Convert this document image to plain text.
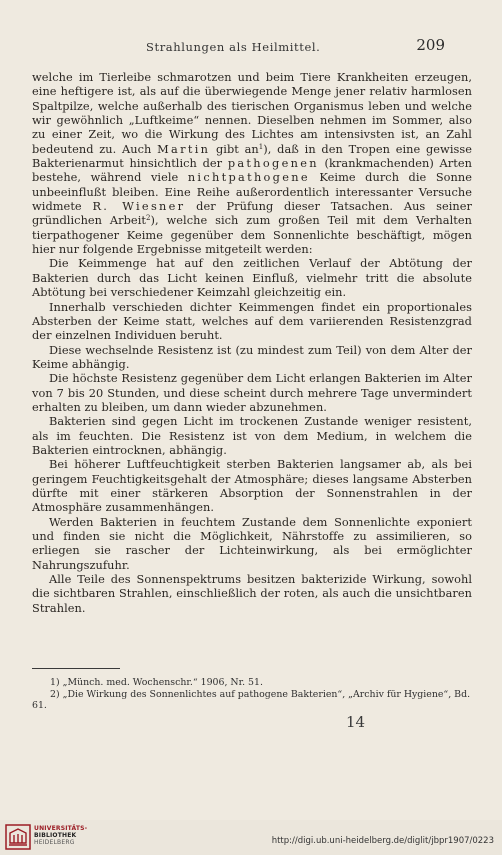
Strahlungen als Heilmittel.	209

welche im Tierleibe schmarotzen und beim Tiere Krankheiten erzeugen, eine heftigere ist, als auf die überwiegende Menge jener relativ harmlosen Spaltpilze, welche außerhalb des tierischen Organismus leben und welche wir gewöhnlich „Luftkeime“ nennen. Dieselben nehmen im Sommer, also zu einer Zeit, wo die Wirkung des Lichtes am intensivsten ist, an Zahl bedeutend zu. Auch Martin gibt $an^1$), daß in den Tropen eine gewisse Bakterienarmut hinsichtlich der pathogenen (krankmachenden) Arten bestehe, während viele nichtpathogene Keime durch die Sonne unbeeinflußt bleiben. Eine Reihe außerordentlich interessanter Versuche widmete R. Wiesner der Prüfung dieser Tatsachen. Aus seiner gründlichen Arbeit$^2$), welche sich zum großen Teil mit dem Verhalten tierpathogener Keime gegenüber dem Sonnenlichte beschäftigt, mögen hier nur folgende Ergebnisse mitgeteilt werden:

Die Keimmenge hat auf den zeitlichen Verlauf der Abtötung der Bakterien durch das Licht keinen Einfluß, vielmehr tritt die absolute Abtötung bei verschiedener Keimzahl gleichzeitig ein.

Innerhalb verschieden dichter Keimmengen findet ein proportionales Absterben der Keime statt, welches auf dem variierenden Resistenzgrad der einzelnen Individuen beruht.

Diese wechselnde Resistenz ist (zu mindest zum Teil) von dem Alter der Keime abhängig.

Die höchste Resistenz gegenüber dem Licht erlangen Bakterien im Alter von 7 bis 20 Stunden, und diese scheint durch mehrere Tage unvermindert erhalten zu bleiben, um dann wieder abzunehmen.

Bakterien sind gegen Licht im trockenen Zustande weniger resistent, als im feuchten. Die Resistenz ist von dem Medium, in welchem die Bakterien eintrocknen, abhängig.

Bei höherer Luftfeuchtigkeit sterben Bakterien langsamer ab, als bei geringem Feuchtigkeitsgehalt der Atmosphäre; dieses langsame Absterben dürfte mit einer stärkeren Absorption der Sonnenstrahlen in der Atmosphäre zusammenhängen.

Werden Bakterien in feuchtem Zustande dem Sonnenlichte exponiert und finden sie nicht die Möglichkeit, Nährstoffe zu assimilieren, so erliegen sie rascher der Lichteinwirkung, als bei ermöglichter Nahrungszufuhr.

Alle Teile des Sonnenspektrums besitzen bakterizide Wirkung, sowohl die sichtbaren Strahlen, einschließlich der roten, als auch die unsichtbaren Strahlen.

1) „Münch. med. Wochenschr.“ 1906, Nr. 51.

2) „Die Wirkung des Sonnenlichtes auf pathogene Bakterien“, „Archiv für Hygiene“, Bd. 61.

14
UNIVERSITÄTS-
BIBLIOTHEK
HEIDELBERG	http://digi.ub.uni-heidelberg.de/diglit/jbpr1907/0223
